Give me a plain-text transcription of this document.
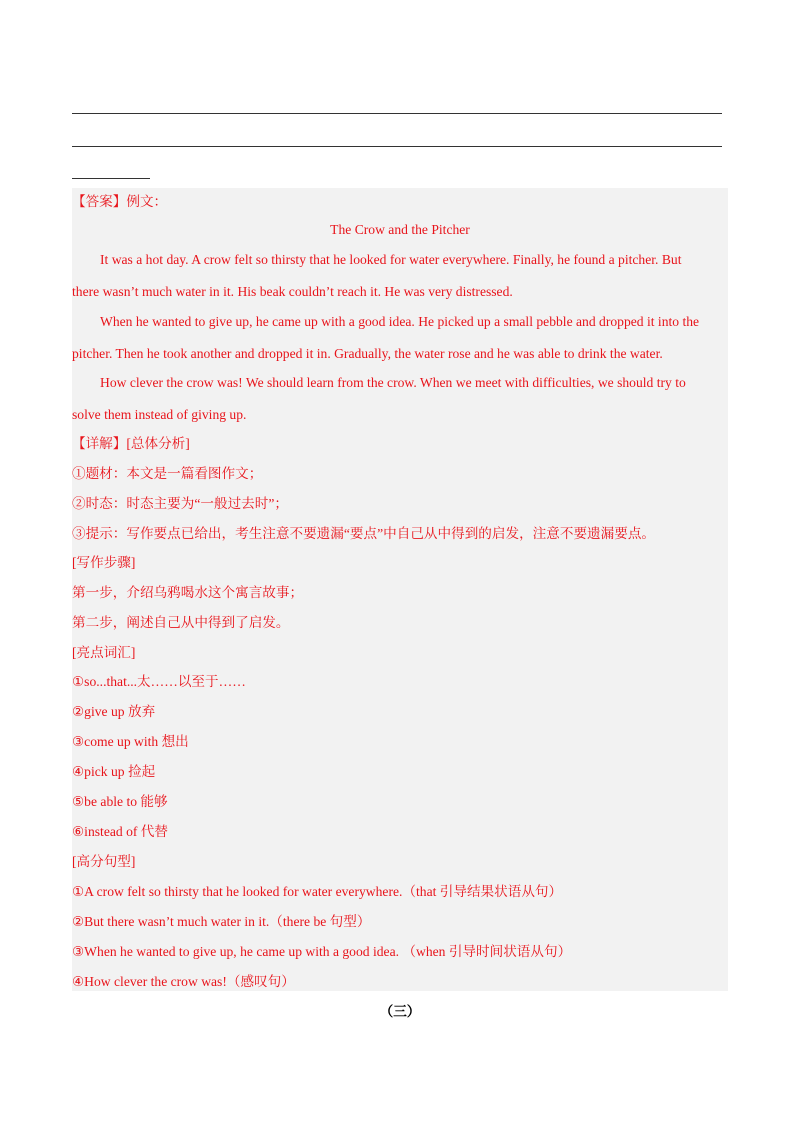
【答案】例文：

The Crow and the Pitcher

It was a hot day. A crow felt so thirsty that he looked for water everywhere. Finally, he found a pitcher. But

there wasn’t much water in it. His beak couldn’t reach it. He was very distressed.

When he wanted to give up, he came up with a good idea. He picked up a small pebble and dropped it into the

pitcher. Then he took another and dropped it in. Gradually, the water rose and he was able to drink the water.

How clever the crow was! We should learn from the crow. When we meet with difficulties, we should try to

solve them instead of giving up.

【详解】[总体分析]

①题材：本文是一篇看图作文；

②时态：时态主要为“一般过去时”；

③提示：写作要点已给出，考生注意不要遗漏“要点”中自己从中得到的启发，注意不要遗漏要点。

[写作步骤]

第一步，介绍乌鸦喝水这个寓言故事；

第二步，阐述自己从中得到了启发。

[亮点词汇]

①so...that...太……以至于……

②give up 放弃

③come up with 想出

④pick up 捡起

⑤be able to 能够

⑥instead of 代替

[高分句型]

①A crow felt so thirsty that he looked for water everywhere.（that 引导结果状语从句）

②But there wasn’t much water in it.（there be 句型）

③When he wanted to give up, he came up with a good idea. （when 引导时间状语从句）

④How clever the crow was!（感叹句）

（三）
